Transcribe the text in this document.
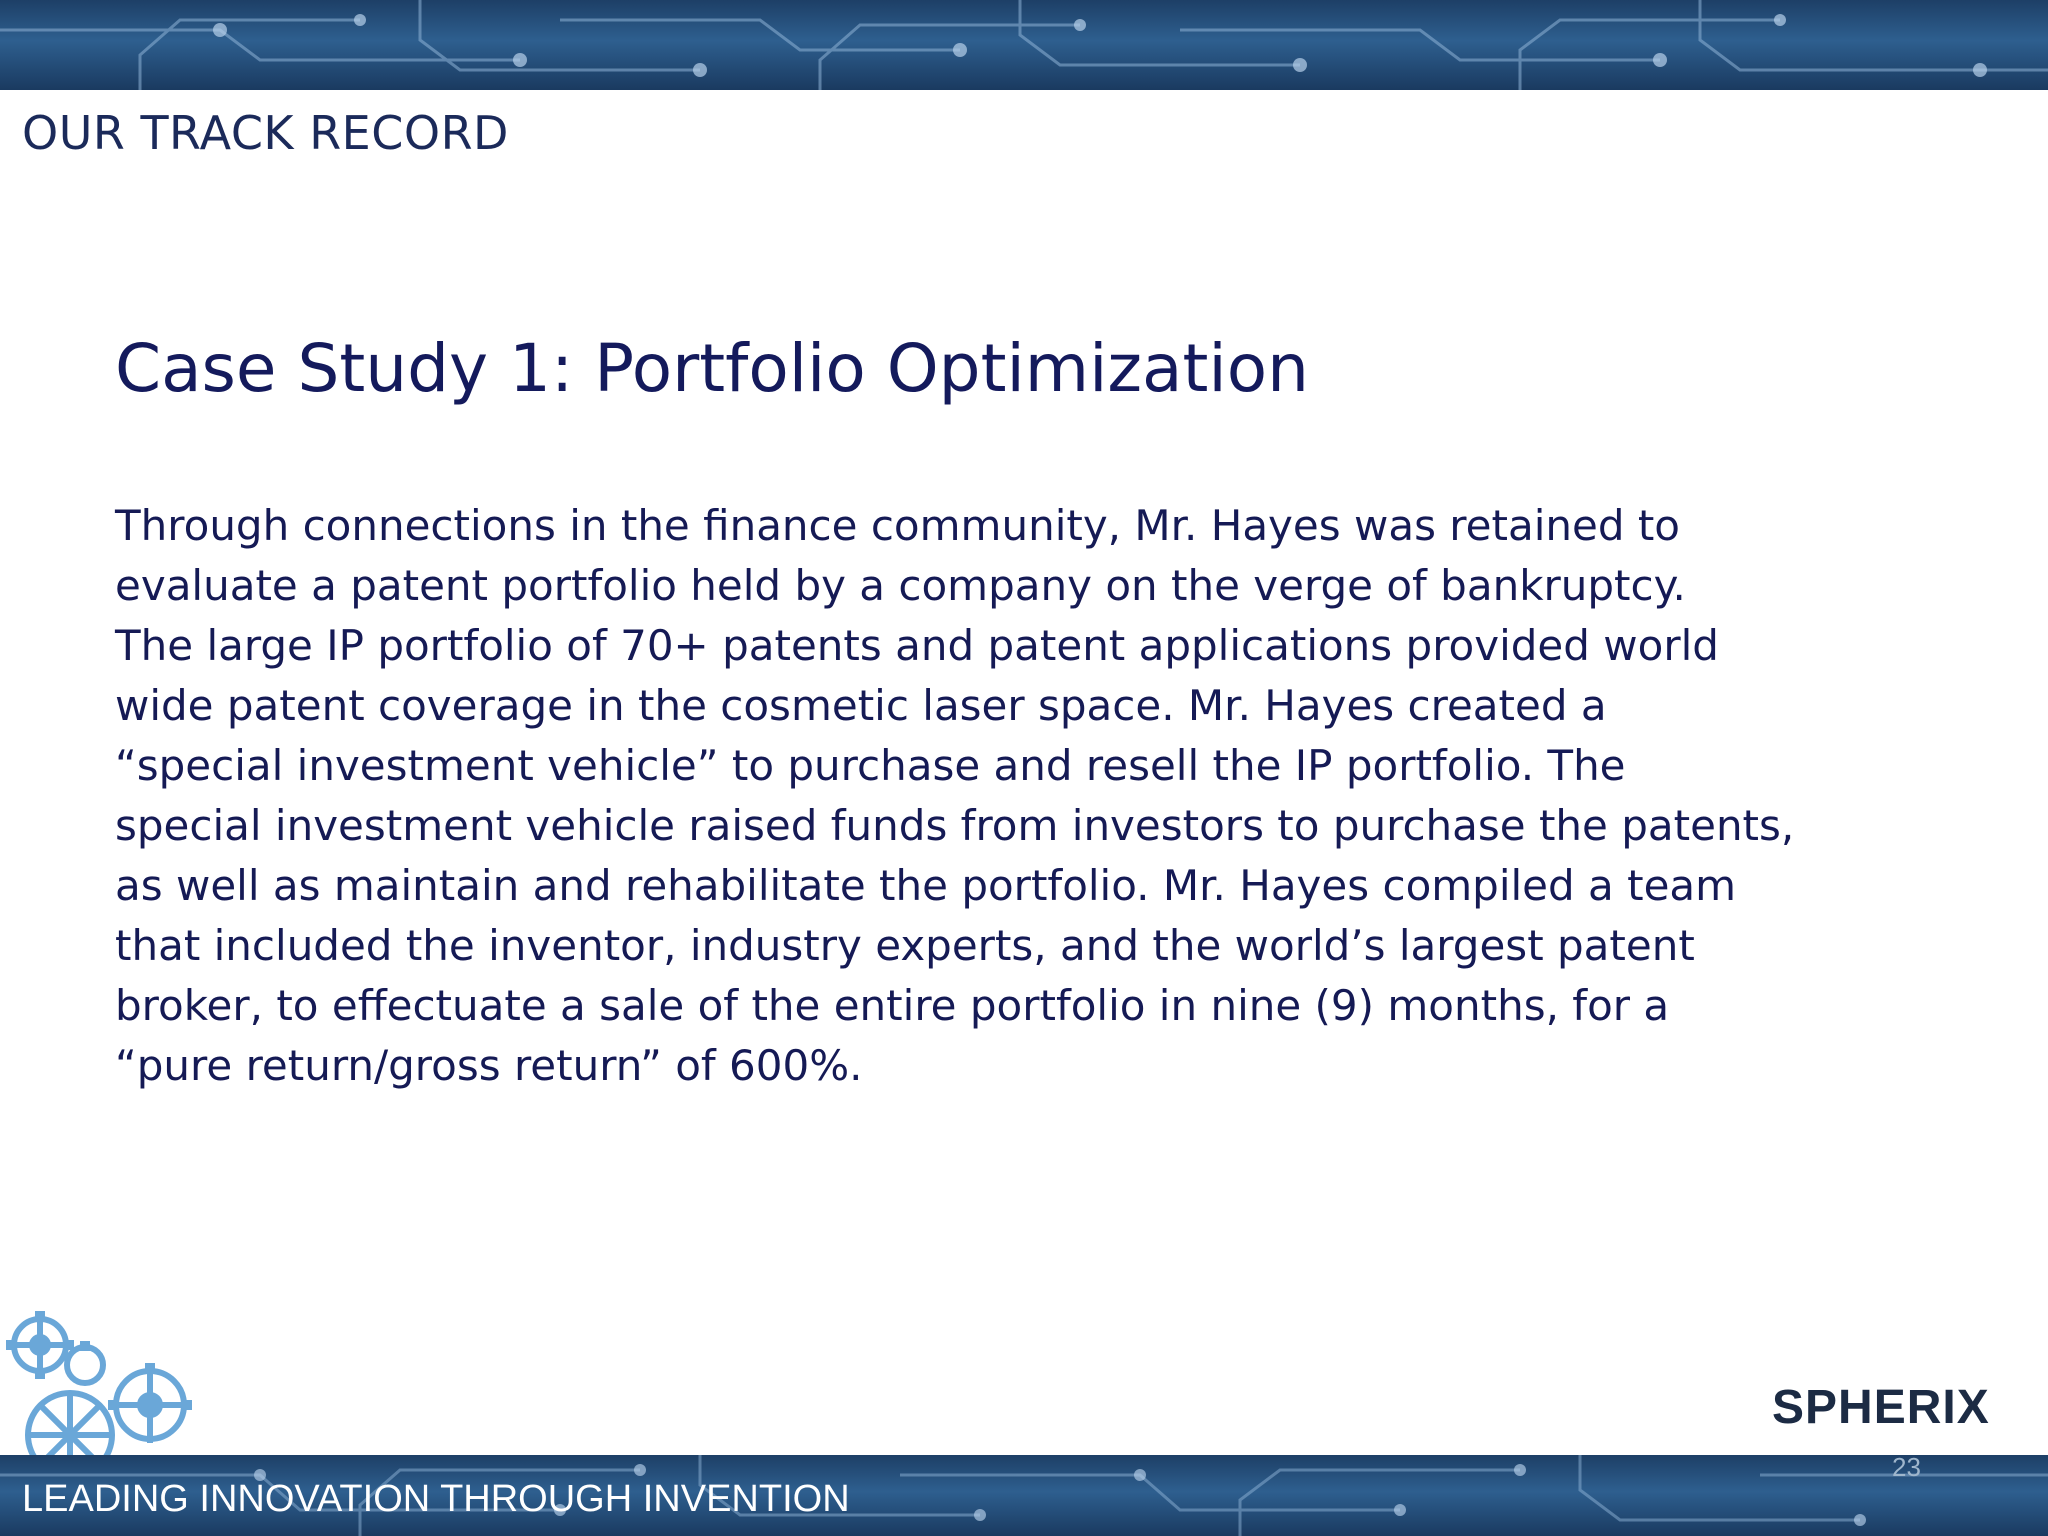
OUR TRACK RECORD
Case Study 1: Portfolio Optimization

Through connections in the finance community, Mr. Hayes was retained to
evaluate a patent portfolio held by a company on the verge of bankruptcy.
The large IP portfolio of 70+ patents and patent applications provided world
wide patent coverage in the cosmetic laser space. Mr. Hayes created a
“special investment vehicle” to purchase and resell the IP portfolio. The
special investment vehicle raised funds from investors to purchase the patents,
as well as maintain and rehabilitate the portfolio. Mr. Hayes compiled a team
that included the inventor, industry experts, and the world’s largest patent
broker, to effectuate a sale of the entire portfolio in nine (9) months, for a
“pure return/gross return” of 600%.

SPHERIX
LEADING INNOVATION THROUGH INVENTION
23
